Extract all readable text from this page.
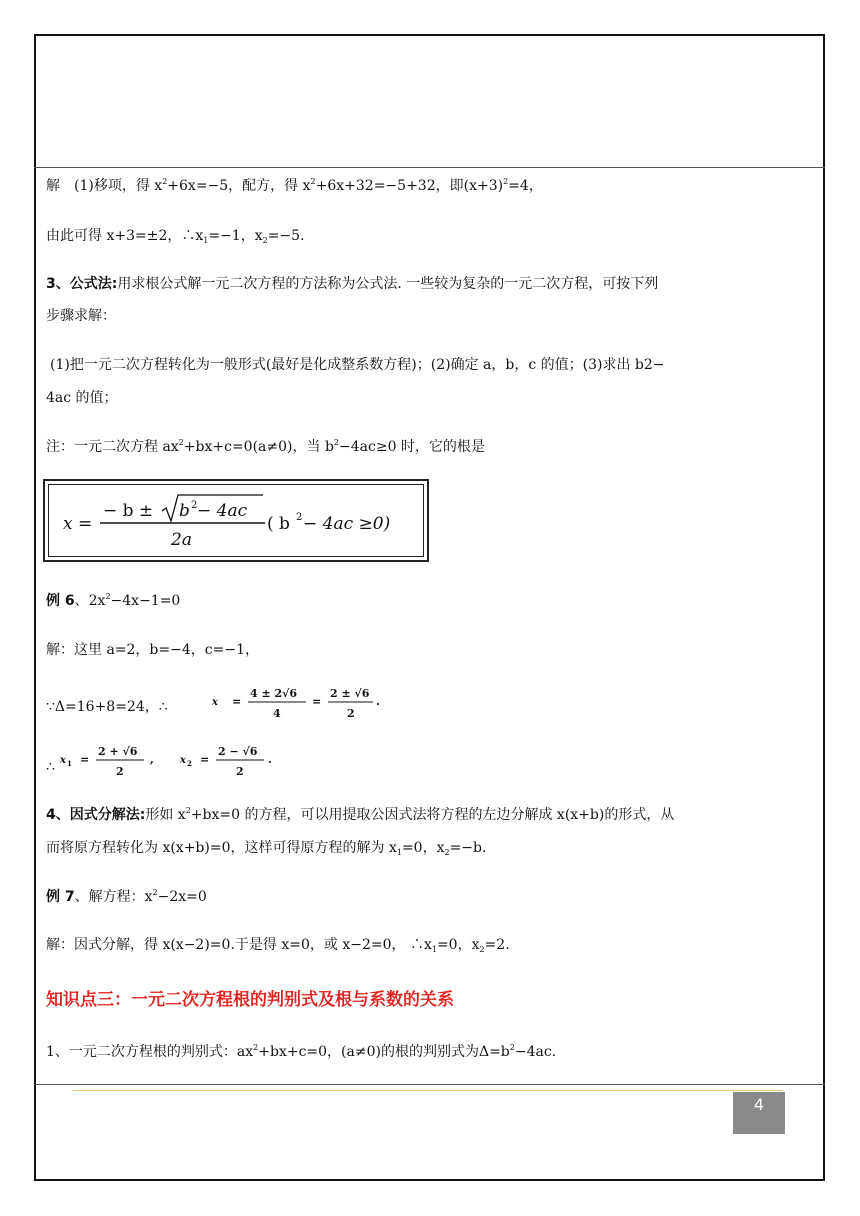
解　(1)移项，得 $x^2+6x=-5$，配方，得 $x^2+6x+32=-5+32$，即$(x+3)^2=4$，
由此可得 x+3=±2，$\therefore x_1=-1$，$x_2=-5$.
3、公式法:用求根公式解一元二次方程的方法称为公式法. 一些较为复杂的一元二次方程，可按下列
步骤求解：
(1)把一元二次方程转化为一般形式(最好是化成整系数方程)；(2)确定 a，b，c 的值；(3)求出 b2−
4ac 的值；
注：一元二次方程 $ax^2+bx+c=0(a\ne 0)$，当 $b^2-4ac\ge 0$ 时，它的根是
x =
− b ± b 2 − 4ac
2a
( b 2 − 4ac ≥0)
例 6、$2x^2-4x-1=0$
解：这里 a=2，b=−4，c=−1，
∵Δ=16+8=24，∴	x =
4 ± 2√6
4
=
2 ± √6
2
.
∴ x 1 =
2 + √6
2
,	x 2 =
2 − √6
2
.
4、因式分解法:形如 $x^2+bx=0$ 的方程，可以用提取公因式法将方程的左边分解成 x(x+b)的形式，从
而将原方程转化为 x(x+b)=0，这样可得原方程的解为 $x_1=0$，$x_2=-b$.
例 7、解方程：$x^2-2x=0$
解：因式分解，得 x(x−2)=0.于是得 x=0，或 x−2=0， $\therefore x_1=0$，$x_2=2$.
知识点三：一元二次方程根的判别式及根与系数的关系
1、一元二次方程根的判别式：$ax^2+bx+c=0$，(a≠0)的根的判别式为$\Delta=b^2-4ac$.
4
